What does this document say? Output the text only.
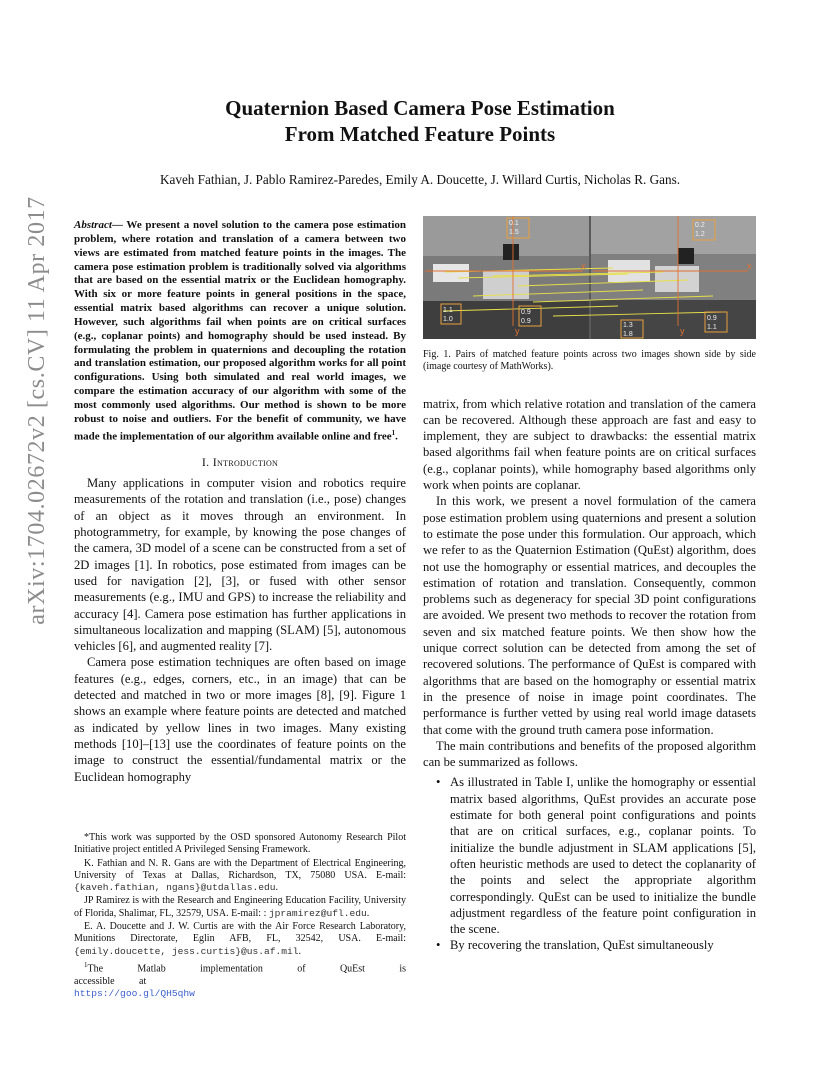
arXiv:1704.02672v2 [cs.CV] 11 Apr 2017
Quaternion Based Camera Pose Estimation
From Matched Feature Points
Kaveh Fathian, J. Pablo Ramirez-Paredes, Emily A. Doucette, J. Willard Curtis, Nicholas R. Gans.
Abstract— We present a novel solution to the camera pose estimation problem, where rotation and translation of a camera between two views are estimated from matched feature points in the images. The camera pose estimation problem is traditionally solved via algorithms that are based on the essential matrix or the Euclidean homography. With six or more feature points in general positions in the space, essential matrix based algorithms can recover a unique solution. However, such algorithms fail when points are on critical surfaces (e.g., coplanar points) and homography should be used instead. By formulating the problem in quaternions and decoupling the rotation and translation estimation, our proposed algorithm works for all point configurations. Using both simulated and real world images, we compare the estimation accuracy of our algorithm with some of the most commonly used algorithms. Our method is shown to be more robust to noise and outliers. For the benefit of community, we have made the implementation of our algorithm available online and free$^1$.
I. Introduction

Many applications in computer vision and robotics require measurements of the rotation and translation (i.e., pose) changes of an object as it moves through an environment. In photogrammetry, for example, by knowing the pose changes of the camera, 3D model of a scene can be constructed from a set of 2D images [1]. In robotics, pose estimated from images can be used for navigation [2], [3], or fused with other sensor measurements (e.g., IMU and GPS) to increase the reliability and accuracy [4]. Camera pose estimation has further applications in simultaneous localization and mapping (SLAM) [5], autonomous vehicles [6], and augmented reality [7].

Camera pose estimation techniques are often based on image features (e.g., edges, corners, etc., in an image) that can be detected and matched in two or more images [8], [9]. Figure 1 shows an example where feature points are detected and matched as indicated by yellow lines in two images. Many existing methods [10]–[13] use the coordinates of feature points on the image to construct the essential/fundamental matrix or the Euclidean homography

*This work was supported by the OSD sponsored Autonomy Research Pilot Initiative project entitled A Privileged Sensing Framework.

K. Fathian and N. R. Gans are with the Department of Electrical Engineering, University of Texas at Dallas, Richardson, TX, 75080 USA. E-mail: {kaveh.fathian, ngans}@utdallas.edu.

JP Ramirez is with the Research and Engineering Education Facility, University of Florida, Shalimar, FL, 32579, USA. E-mail: : jpramirez@ufl.edu.

E. A. Doucette and J. W. Curtis are with the Air Force Research Laboratory, Munitions Directorate, Eglin AFB, FL, 32542, USA. E-mail: {emily.doucette, jess.curtis}@us.af.mil.

$^1$The Matlab implementation of QuEst is accessible at
https://goo.gl/QH5qhw

0.1
1.5
0.2
1.2
0.9
0.9
1.1
1.0
1.3
1.8
0.9
1.1
x
y
x
y
Fig. 1. Pairs of matched feature points across two images shown side by side (image courtesy of MathWorks).

matrix, from which relative rotation and translation of the camera can be recovered. Although these approach are fast and easy to implement, they are subject to drawbacks: the essential matrix based algorithms fail when feature points are on critical surfaces (e.g., coplanar points), while homography based algorithms only work when points are coplanar.

In this work, we present a novel formulation of the camera pose estimation problem using quaternions and present a solution to estimate the pose under this formulation. Our approach, which we refer to as the Quaternion Estimation (QuEst) algorithm, does not use the homography or essential matrices, and decouples the estimation of rotation and translation. Consequently, common problems such as degeneracy for special 3D point configurations are avoided. We present two methods to recover the rotation from seven and six matched feature points. We then show how the unique correct solution can be detected from among the set of recovered solutions. The performance of QuEst is compared with algorithms that are based on the homography or essential matrix in the presence of noise in image point coordinates. The performance is further vetted by using real world image datasets that come with the ground truth camera pose information.

The main contributions and benefits of the proposed algorithm can be summarized as follows.

• As illustrated in Table I, unlike the homography or essential matrix based algorithms, QuEst provides an accurate pose estimate for both general point configurations and points that are on critical surfaces, e.g., coplanar points. To initialize the bundle adjustment in SLAM applications [5], often heuristic methods are used to detect the coplanarity of the points and select the appropriate algorithm correspondingly. QuEst can be used to initialize the bundle adjustment regardless of the feature point configuration in the scene.
• By recovering the translation, QuEst simultaneously
